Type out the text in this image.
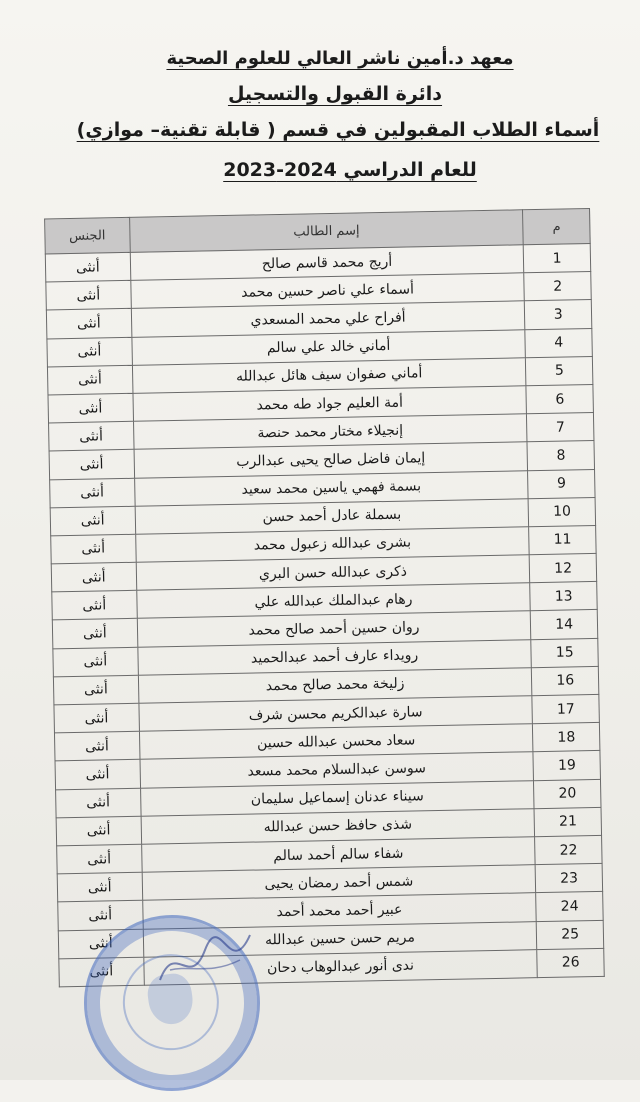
معهد د.أمين ناشر العالي للعلوم الصحية
دائرة القبول والتسجيل
أسماء الطلاب المقبولين في قسم ( قابلة تقنية– موازي)
للعام الدراسي 2024-2023
م	إسم الطالب	الجنس
1	أريج محمد قاسم صالح	أنثى
2	أسماء علي ناصر حسين محمد	أنثى
3	أفراح علي محمد المسعدي	أنثى
4	أماني خالد علي سالم	أنثى
5	أماني صفوان سيف هائل عبدالله	أنثى
6	أمة العليم جواد طه محمد	أنثى
7	إنجيلاء مختار محمد حنصة	أنثى
8	إيمان فاضل صالح يحيى عبدالرب	أنثى
9	بسمة فهمي ياسين محمد سعيد	أنثى
10	بسملة عادل أحمد حسن	أنثى
11	بشرى عبدالله زعبول محمد	أنثى
12	ذكرى عبدالله حسن البري	أنثى
13	رهام عبدالملك عبدالله علي	أنثى
14	روان حسين أحمد صالح محمد	أنثى
15	رويداء عارف أحمد عبدالحميد	أنثى
16	زليخة محمد صالح محمد	أنثى
17	سارة عبدالكريم محسن شرف	أنثى
18	سعاد محسن عبدالله حسين	أنثى
19	سوسن عبدالسلام محمد مسعد	أنثى
20	سيناء عدنان إسماعيل سليمان	أنثى
21	شذى حافظ حسن عبدالله	أنثى
22	شفاء سالم أحمد سالم	أنثى
23	شمس أحمد رمضان يحيى	أنثى
24	عبير أحمد محمد أحمد	أنثى
25	مريم حسن حسين عبدالله	أنثى
26	ندى أنور عبدالوهاب دحان	أنثى
